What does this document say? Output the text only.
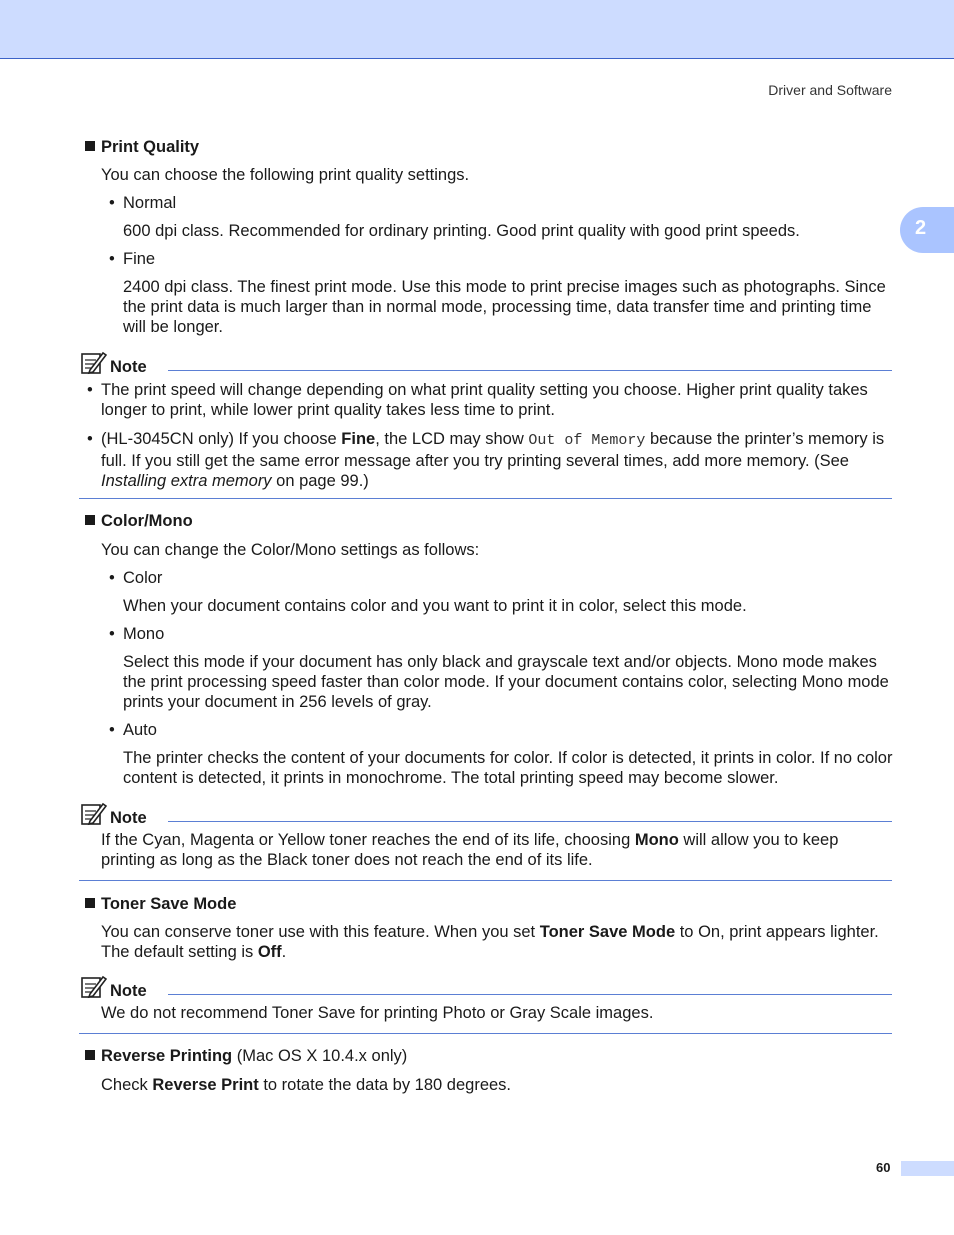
Driver and Software
2
Print Quality
You can choose the following print quality settings.
• Normal
600 dpi class. Recommended for ordinary printing. Good print quality with good print speeds.
• Fine
2400 dpi class. The finest print mode. Use this mode to print precise images such as photographs. Since the print data is much larger than in normal mode, processing time, data transfer time and printing time will be longer.
Note
• The print speed will change depending on what print quality setting you choose. Higher print quality takes longer to print, while lower print quality takes less time to print.
• (HL-3045CN only) If you choose Fine, the LCD may show Out of Memory because the printer’s memory is full. If you still get the same error message after you try printing several times, add more memory. (See Installing extra memory on page 99.)
Color/Mono
You can change the Color/Mono settings as follows:
• Color
When your document contains color and you want to print it in color, select this mode.
• Mono
Select this mode if your document has only black and grayscale text and/or objects. Mono mode makes the print processing speed faster than color mode. If your document contains color, selecting Mono mode prints your document in 256 levels of gray.
• Auto
The printer checks the content of your documents for color. If color is detected, it prints in color. If no color content is detected, it prints in monochrome. The total printing speed may become slower.
Note
If the Cyan, Magenta or Yellow toner reaches the end of its life, choosing Mono will allow you to keep printing as long as the Black toner does not reach the end of its life.
Toner Save Mode
You can conserve toner use with this feature. When you set Toner Save Mode to On, print appears lighter. The default setting is Off.
Note
We do not recommend Toner Save for printing Photo or Gray Scale images.
Reverse Printing (Mac OS X 10.4.x only)
Check Reverse Print to rotate the data by 180 degrees.
60
